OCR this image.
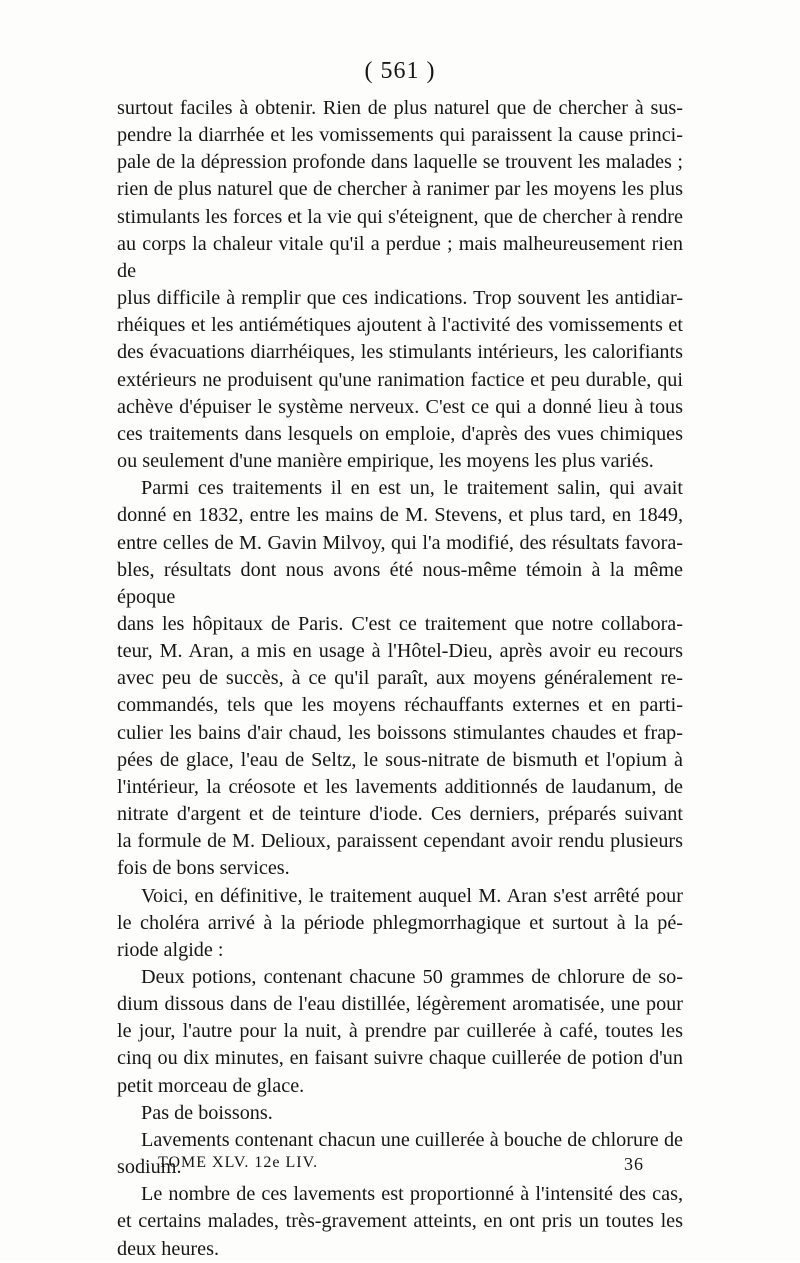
( 561 )

surtout faciles à obtenir. Rien de plus naturel que de chercher à sus-

pendre la diarrhée et les vomissements qui paraissent la cause princi-

pale de la dépression profonde dans laquelle se trouvent les malades ;

rien de plus naturel que de chercher à ranimer par les moyens les plus

stimulants les forces et la vie qui s'éteignent, que de chercher à rendre

au corps la chaleur vitale qu'il a perdue ; mais malheureusement rien de

plus difficile à remplir que ces indications. Trop souvent les antidiar-

rhéiques et les antiémétiques ajoutent à l'activité des vomissements et

des évacuations diarrhéiques, les stimulants intérieurs, les calorifiants

extérieurs ne produisent qu'une ranimation factice et peu durable, qui

achève d'épuiser le système nerveux. C'est ce qui a donné lieu à tous

ces traitements dans lesquels on emploie, d'après des vues chimiques

ou seulement d'une manière empirique, les moyens les plus variés.

Parmi ces traitements il en est un, le traitement salin, qui avait

donné en 1832, entre les mains de M. Stevens, et plus tard, en 1849,

entre celles de M. Gavin Milvoy, qui l'a modifié, des résultats favora-

bles, résultats dont nous avons été nous-même témoin à la même époque

dans les hôpitaux de Paris. C'est ce traitement que notre collabora-

teur, M. Aran, a mis en usage à l'Hôtel-Dieu, après avoir eu recours

avec peu de succès, à ce qu'il paraît, aux moyens généralement re-

commandés, tels que les moyens réchauffants externes et en parti-

culier les bains d'air chaud, les boissons stimulantes chaudes et frap-

pées de glace, l'eau de Seltz, le sous-nitrate de bismuth et l'opium à

l'intérieur, la créosote et les lavements additionnés de laudanum, de

nitrate d'argent et de teinture d'iode. Ces derniers, préparés suivant

la formule de M. Delioux, paraissent cependant avoir rendu plusieurs

fois de bons services.

Voici, en définitive, le traitement auquel M. Aran s'est arrêté pour

le choléra arrivé à la période phlegmorrhagique et surtout à la pé-

riode algide :

Deux potions, contenant chacune 50 grammes de chlorure de so-

dium dissous dans de l'eau distillée, légèrement aromatisée, une pour

le jour, l'autre pour la nuit, à prendre par cuillerée à café, toutes les

cinq ou dix minutes, en faisant suivre chaque cuillerée de potion d'un

petit morceau de glace.

Pas de boissons.

Lavements contenant chacun une cuillerée à bouche de chlorure de

sodium.

Le nombre de ces lavements est proportionné à l'intensité des cas,

et certains malades, très-gravement atteints, en ont pris un toutes les

deux heures.

TOME XLV. 12e LIV.	36
